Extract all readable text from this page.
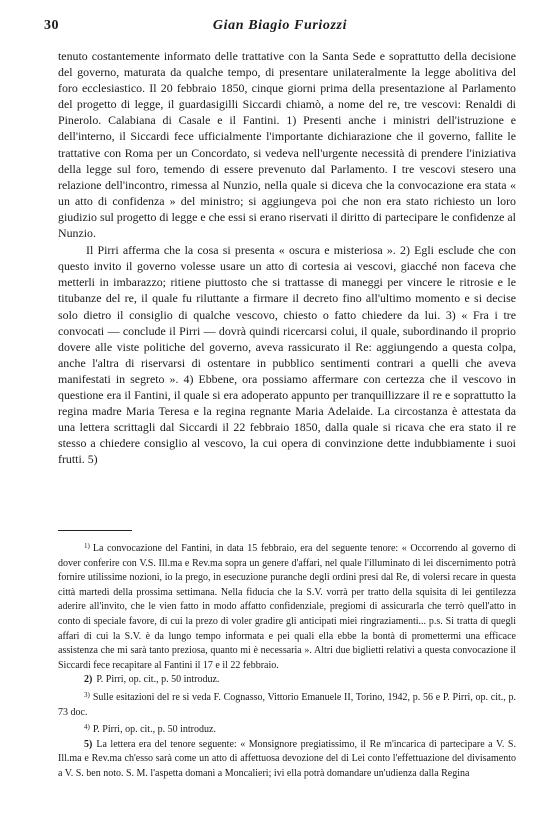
30	Gian Biagio Furiozzi

tenuto costantemente informato delle trattative con la Santa Sede e soprattutto della decisione del governo, maturata da qualche tempo, di presentare unilateralmente la legge abolitiva del foro ecclesiastico. Il 20 febbraio 1850, cinque giorni prima della presentazione al Parlamento del progetto di legge, il guardasigilli Siccardi chiamò, a nome del re, tre vescovi: Renaldi di Pinerolo. Calabiana di Casale e il Fantini. 1) Presenti anche i ministri dell'istruzione e dell'interno, il Siccardi fece ufficialmente l'importante dichiarazione che il governo, fallite le trattative con Roma per un Concordato, si vedeva nell'urgente necessità di prendere l'iniziativa della legge sul foro, temendo di essere prevenuto dal Parlamento. I tre vescovi stesero una relazione dell'incontro, rimessa al Nunzio, nella quale si diceva che la convocazione era stata « un atto di confidenza » del ministro; si aggiungeva poi che non era stato richiesto un loro giudizio sul progetto di legge e che essi si erano riservati il diritto di partecipare le confidenze al Nunzio.

Il Pirri afferma che la cosa si presenta « oscura e misteriosa ». 2) Egli esclude che con questo invito il governo volesse usare un atto di cortesia ai vescovi, giacché non faceva che metterli in imbarazzo; ritiene piuttosto che si trattasse di maneggi per vincere le ritrosie e le titubanze del re, il quale fu riluttante a firmare il decreto fino all'ultimo momento e si decise solo dietro il consiglio di qualche vescovo, chiesto o fatto chiedere da lui. 3) « Fra i tre convocati — conclude il Pirri — dovrà quindi ricercarsi colui, il quale, subordinando il proprio dovere alle viste politiche del governo, aveva rassicurato il Re: aggiungendo a questa colpa, anche l'altra di riservarsi di ostentare in pubblico sentimenti contrari a quelli che aveva manifestati in segreto ». 4) Ebbene, ora possiamo affermare con certezza che il vescovo in questione era il Fantini, il quale si era adoperato appunto per tranquillizzare il re e soprattutto la regina madre Maria Teresa e la regina regnante Maria Adelaide. La circostanza è attestata da una lettera scrittagli dal Siccardi il 22 febbraio 1850, dalla quale si ricava che era stato il re stesso a chiedere consiglio al vescovo, la cui opera di convinzione dette indubbiamente i suoi frutti. 5)

$^{1)}$ La convocazione del Fantini, in data 15 febbraio, era del seguente tenore: « Occorrendo al governo di dover conferire con V.S. Ill.ma e Rev.ma sopra un genere d'affari, nel quale l'illuminato di lei discernimento potrà fornire utilissime nozioni, io la prego, in esecuzione puranche degli ordini presi dal Re, di volersi recare in questa città martedì della prossima settimana. Nella fiducia che la S.V. vorrà per tratto della squisita di lei gentilezza aderire all'invito, che le vien fatto in modo affatto confidenziale, pregiomi di assicurarla che terrò quell'atto in conto di speciale favore, di cui la prezo di voler gradire gli anticipati miei ringraziamenti... p.s. Si tratta di quegli affari di cui la S.V. è da lungo tempo informata e pei quali ella ebbe la bontà di promettermi una efficace assistenza che mi sarà tanto preziosa, quanto mi è necessaria ». Altri due biglietti relativi a questa convocazione il Siccardi fece recapitare al Fantini il 17 e il 22 febbraio.

2) P. Pirri, op. cit., p. 50 introduz.

$^{3)}$ Sulle esitazioni del re si veda F. Cognasso, Vittorio Emanuele II, Torino, 1942, p. 56 e P. Pirri, op. cit., p. 73 doc.

$^{4)}$ P. Pirri, op. cit., p. 50 introduz.

5) La lettera era del tenore seguente: « Monsignore pregiatissimo, il Re m'incarica di partecipare a V. S. Ill.ma e Rev.ma ch'esso sarà come un atto di affettuosa devozione del di Lei conto l'effettuazione del divisamento a V. S. ben noto. S. M. l'aspetta domani a Moncalieri; ivi ella potrà domandare un'udienza dalla Regina
